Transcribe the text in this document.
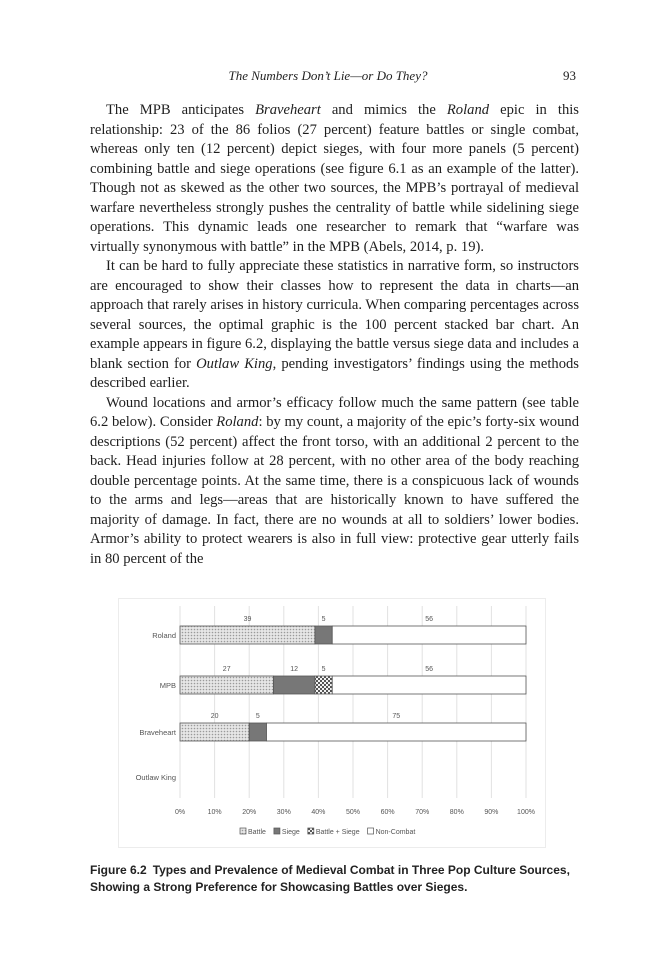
The Numbers Don’t Lie—or Do They?	93

The MPB anticipates Braveheart and mimics the Roland epic in this relationship: 23 of the 86 folios (27 percent) feature battles or single combat, whereas only ten (12 percent) depict sieges, with four more panels (5 percent) combining battle and siege operations (see figure 6.1 as an example of the latter). Though not as skewed as the other two sources, the MPB’s portrayal of medieval warfare nevertheless strongly pushes the centrality of battle while sidelining siege operations. This dynamic leads one researcher to remark that “warfare was virtually synonymous with battle” in the MPB (Abels, 2014, p. 19).

It can be hard to fully appreciate these statistics in narrative form, so instructors are encouraged to show their classes how to represent the data in charts—an approach that rarely arises in history curricula. When comparing percentages across several sources, the optimal graphic is the 100 percent stacked bar chart. An example appears in figure 6.2, displaying the battle versus siege data and includes a blank section for Outlaw King, pending investigators’ findings using the methods described earlier.

Wound locations and armor’s efficacy follow much the same pattern (see table 6.2 below). Consider Roland: by my count, a majority of the epic’s forty-six wound descriptions (52 percent) affect the front torso, with an additional 2 percent to the back. Head injuries follow at 28 percent, with no other area of the body reaching double percentage points. At the same time, there is a conspicuous lack of wounds to the arms and legs—areas that are historically known to have suffered the majority of damage. In fact, there are no wounds at all to soldiers’ lower bodies. Armor’s ability to protect wearers is also in full view: protective gear utterly fails in 80 percent of the

39	5	56
27	12	5	56
20	5	75
Roland
MPB
Braveheart
Outlaw King
0%	10%	20%	30%	40%	50%	60%	70%	80%	90%	100%
Battle Siege Battle + Siege Non-Combat
Figure 6.2 Types and Prevalence of Medieval Combat in Three Pop Culture Sources, Showing a Strong Preference for Showcasing Battles over Sieges.
